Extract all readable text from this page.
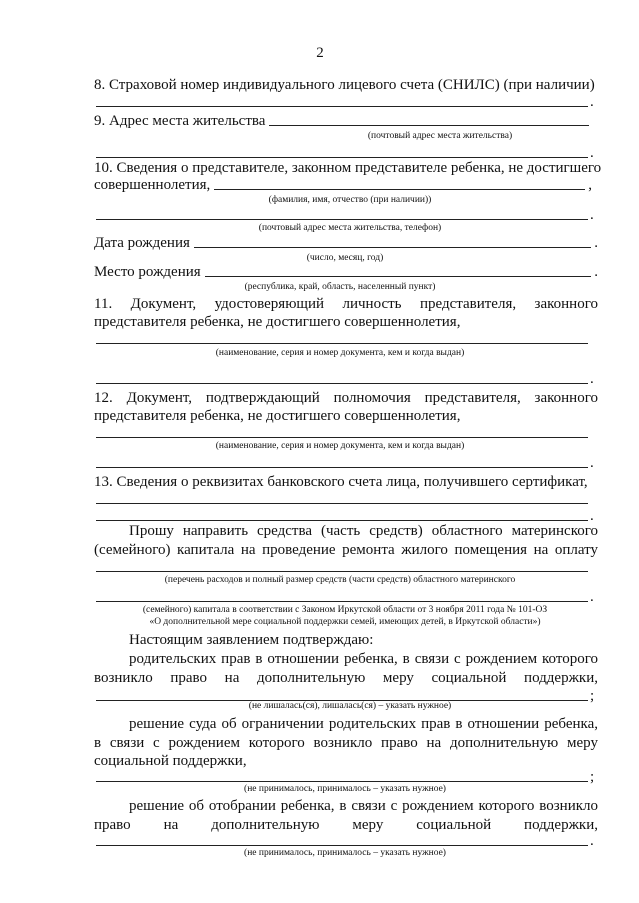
2
8. Страховой номер индивидуального лицевого счета (СНИЛС) (при наличии)
.
9. Адрес места жительства
(почтовый адрес места жительства)
.
10. Сведения о представителе, законном представителе ребенка, не достигшего
совершеннолетия,	,
(фамилия, имя, отчество (при наличии))
.
(почтовый адрес места жительства, телефон)
Дата рождения	.
(число, месяц, год)
Место рождения	.
(республика, край, область, населенный пункт)
11. Документ, удостоверяющий личность представителя, законного
представителя ребенка, не достигшего совершеннолетия,
(наименование, серия и номер документа, кем и когда выдан)
.
12. Документ, подтверждающий полномочия представителя, законного
представителя ребенка, не достигшего совершеннолетия,
(наименование, серия и номер документа, кем и когда выдан)
.
13. Сведения о реквизитах банковского счета лица, получившего сертификат,
.
Прошу направить средства (часть средств) областного материнского
(семейного) капитала на проведение ремонта жилого помещения на оплату
(перечень расходов и полный размер средств (части средств) областного материнского
.
(семейного) капитала в соответствии с Законом Иркутской области от 3 ноября 2011 года № 101-ОЗ
«О дополнительной мере социальной поддержки семей, имеющих детей, в Иркутской области»)
Настоящим заявлением подтверждаю:
родительских прав в отношении ребенка, в связи с рождением которого
возникло право на дополнительную меру социальной поддержки,
;
(не лишалась(ся), лишалась(ся) – указать нужное)
решение суда об ограничении родительских прав в отношении ребенка,
в связи с рождением которого возникло право на дополнительную меру
социальной поддержки,
;
(не принималось, принималось – указать нужное)
решение об отобрании ребенка, в связи с рождением которого возникло
право на дополнительную меру социальной поддержки,
.
(не принималось, принималось – указать нужное)
